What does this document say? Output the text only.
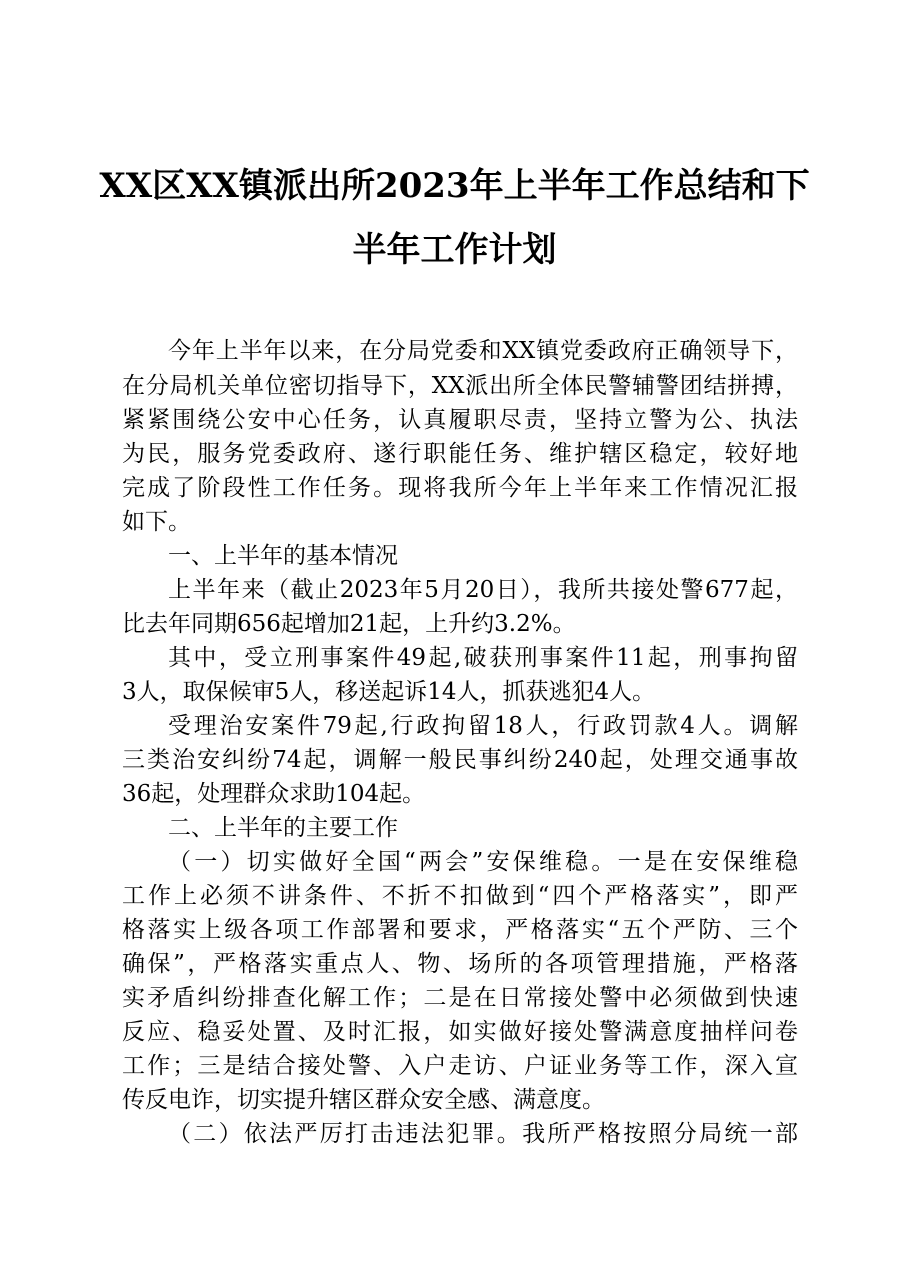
XX区XX镇派出所2023年上半年工作总结和下
半年工作计划

今年上半年以来，在分局党委和XX镇党委政府正确领导下，

在分局机关单位密切指导下，XX派出所全体民警辅警团结拼搏，

紧紧围绕公安中心任务，认真履职尽责，坚持立警为公、执法

为民，服务党委政府、遂行职能任务、维护辖区稳定，较好地

完成了阶段性工作任务。现将我所今年上半年来工作情况汇报

如下。

一、上半年的基本情况

上半年来（截止2023年5月20日），我所共接处警677起，

比去年同期656起增加21起，上升约3.2%。

其中，受立刑事案件49起,破获刑事案件11起，刑事拘留

3人，取保候审5人，移送起诉14人，抓获逃犯4人。

受理治安案件79起,行政拘留18人，行政罚款4人。调解

三类治安纠纷74起，调解一般民事纠纷240起，处理交通事故

36起，处理群众求助104起。

二、上半年的主要工作

（一）切实做好全国“两会”安保维稳。一是在安保维稳

工作上必须不讲条件、不折不扣做到“四个严格落实”，即严

格落实上级各项工作部署和要求，严格落实“五个严防、三个

确保”，严格落实重点人、物、场所的各项管理措施，严格落

实矛盾纠纷排查化解工作；二是在日常接处警中必须做到快速

反应、稳妥处置、及时汇报，如实做好接处警满意度抽样问卷

工作；三是结合接处警、入户走访、户证业务等工作，深入宣

传反电诈，切实提升辖区群众安全感、满意度。

（二）依法严厉打击违法犯罪。我所严格按照分局统一部
